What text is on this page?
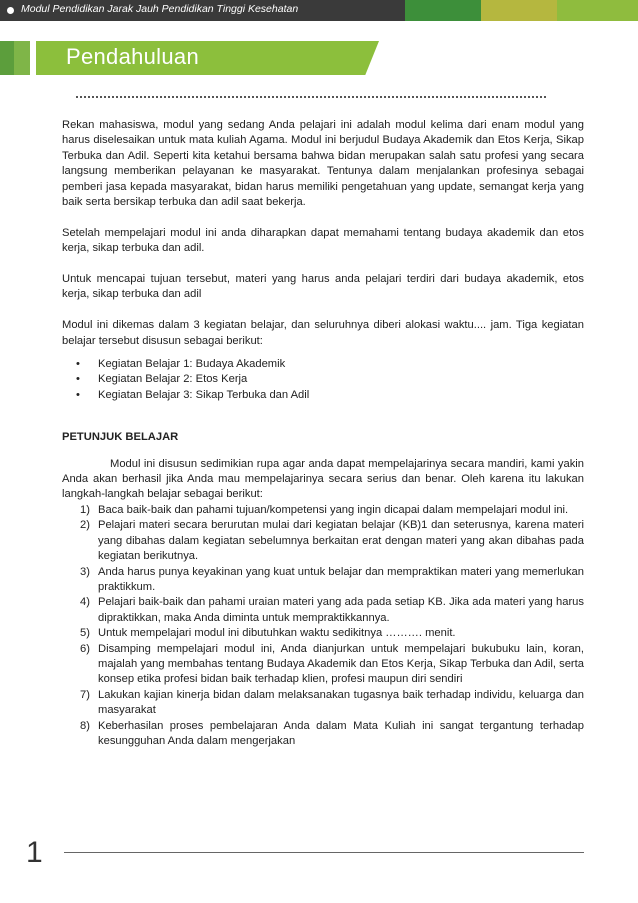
Modul Pendidikan Jarak Jauh Pendidikan Tinggi Kesehatan
Pendahuluan

Rekan mahasiswa, modul yang sedang Anda pelajari ini adalah modul kelima dari enam modul yang harus diselesaikan untuk mata kuliah Agama. Modul ini berjudul Budaya Akademik dan Etos Kerja, Sikap Terbuka dan Adil. Seperti kita ketahui bersama bahwa bidan merupakan salah satu profesi yang secara langsung memberikan pelayanan ke masyarakat. Tentunya dalam menjalankan profesinya sebagai pemberi jasa kepada masyarakat, bidan harus memiliki pengetahuan yang update, semangat kerja yang baik serta bersikap terbuka dan adil saat bekerja.

Setelah mempelajari modul ini anda diharapkan dapat memahami tentang budaya akademik dan etos kerja, sikap terbuka dan adil.

Untuk mencapai tujuan tersebut, materi yang harus anda pelajari terdiri dari budaya akademik, etos kerja, sikap terbuka dan adil

Modul ini dikemas dalam 3 kegiatan belajar, dan seluruhnya diberi alokasi waktu.... jam. Tiga kegiatan belajar tersebut disusun sebagai berikut:

• Kegiatan Belajar 1: Budaya Akademik
• Kegiatan Belajar 2: Etos Kerja
• Kegiatan Belajar 3: Sikap Terbuka dan Adil

PETUNJUK BELAJAR

Modul ini disusun sedimikian rupa agar anda dapat mempelajarinya secara mandiri, kami yakin Anda akan berhasil jika Anda mau mempelajarinya secara serius dan benar. Oleh karena itu lakukan langkah-langkah belajar sebagai berikut:

1) Baca baik-baik dan pahami tujuan/kompetensi yang ingin dicapai dalam mempelajari modul ini.
2) Pelajari materi secara berurutan mulai dari kegiatan belajar (KB)1 dan seterusnya, karena materi yang dibahas dalam kegiatan sebelumnya berkaitan erat dengan materi yang akan dibahas pada kegiatan berikutnya.
3) Anda harus punya keyakinan yang kuat untuk belajar dan mempraktikan materi yang memerlukan praktikkum.
4) Pelajari baik-baik dan pahami uraian materi yang ada pada setiap KB. Jika ada materi yang harus dipraktikkan, maka Anda diminta untuk mempraktikkannya.
5) Untuk mempelajari modul ini dibutuhkan waktu sedikitnya ………. menit.
6) Disamping mempelajari modul ini, Anda dianjurkan untuk mempelajari bukubuku lain, koran, majalah yang membahas tentang Budaya Akademik dan Etos Kerja, Sikap Terbuka dan Adil, serta konsep etika profesi bidan baik terhadap klien, profesi maupun diri sendiri
7) Lakukan kajian kinerja bidan dalam melaksanakan tugasnya baik terhadap individu, keluarga dan masyarakat
8) Keberhasilan proses pembelajaran Anda dalam Mata Kuliah ini sangat tergantung terhadap kesungguhan Anda dalam mengerjakan
1
